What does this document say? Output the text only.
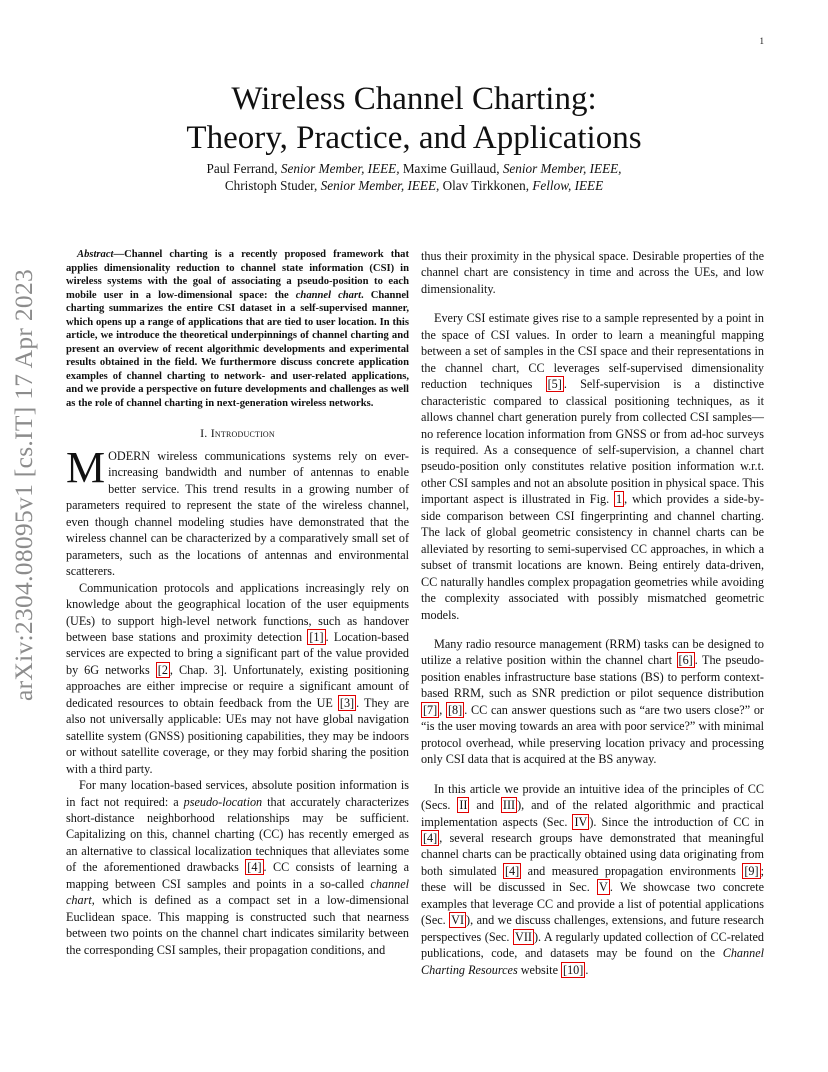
1
arXiv:2304.08095v1 [cs.IT] 17 Apr 2023
Wireless Channel Charting:
Theory, Practice, and Applications
Paul Ferrand, Senior Member, IEEE, Maxime Guillaud, Senior Member, IEEE,
Christoph Studer, Senior Member, IEEE, Olav Tirkkonen, Fellow, IEEE
Abstract—Channel charting is a recently proposed framework that applies dimensionality reduction to channel state information (CSI) in wireless systems with the goal of associating a pseudo-position to each mobile user in a low-dimensional space: the channel chart. Channel charting summarizes the entire CSI dataset in a self-supervised manner, which opens up a range of applications that are tied to user location. In this article, we introduce the theoretical underpinnings of channel charting and present an overview of recent algorithmic developments and experimental results obtained in the field. We furthermore discuss concrete application examples of channel charting to network- and user-related applications, and we provide a perspective on future developments and challenges as well as the role of channel charting in next-generation wireless networks.
I. Introduction

MODERN wireless communications systems rely on ever-increasing bandwidth and number of antennas to enable better service. This trend results in a growing number of parameters required to represent the state of the wireless channel, even though channel modeling studies have demonstrated that the wireless channel can be characterized by a comparatively small set of parameters, such as the locations of antennas and environmental scatterers.

Communication protocols and applications increasingly rely on knowledge about the geographical location of the user equipments (UEs) to support high-level network functions, such as handover between base stations and proximity detection [1] . Location-based services are expected to bring a significant part of the value provided by 6G networks [2 , Chap. 3]. Unfortunately, existing positioning approaches are either imprecise or require a significant amount of dedicated resources to obtain feedback from the UE [3] . They are also not universally applicable: UEs may not have global navigation satellite system (GNSS) positioning capabilities, they may be indoors or without satellite coverage, or they may forbid sharing the position with a third party.

For many location-based services, absolute position information is in fact not required: a pseudo-location that accurately characterizes short-distance neighborhood relationships may be sufficient. Capitalizing on this, channel charting (CC) has recently emerged as an alternative to classical localization techniques that alleviates some of the aforementioned drawbacks [4] . CC consists of learning a mapping between CSI samples and points in a so-called channel chart, which is defined as a compact set in a low-dimensional Euclidean space. This mapping is constructed such that nearness between two points on the channel chart indicates similarity between the corresponding CSI samples, their propagation conditions, and

thus their proximity in the physical space. Desirable properties of the channel chart are consistency in time and across the UEs, and low dimensionality.

Every CSI estimate gives rise to a sample represented by a point in the space of CSI values. In order to learn a meaningful mapping between a set of samples in the CSI space and their representations in the channel chart, CC leverages self-supervised dimensionality reduction techniques [5] . Self-supervision is a distinctive characteristic compared to classical positioning techniques, as it allows channel chart generation purely from collected CSI samples—no reference location information from GNSS or from ad-hoc surveys is required. As a consequence of self-supervision, a channel chart pseudo-position only constitutes relative position information w.r.t. other CSI samples and not an absolute position in physical space. This important aspect is illustrated in Fig. 1 , which provides a side-by-side comparison between CSI fingerprinting and channel charting. The lack of global geometric consistency in channel charts can be alleviated by resorting to semi-supervised CC approaches, in which a subset of transmit locations are known. Being entirely data-driven, CC naturally handles complex propagation geometries while avoiding the complexity associated with possibly mismatched geometric models.

Many radio resource management (RRM) tasks can be designed to utilize a relative position within the channel chart [6] . The pseudo-position enables infrastructure base stations (BS) to perform context-based RRM, such as SNR prediction or pilot sequence distribution [7] , [8] . CC can answer questions such as “are two users close?” or “is the user moving towards an area with poor service?” with minimal protocol overhead, while preserving location privacy and processing only CSI data that is acquired at the BS anyway.

In this article we provide an intuitive idea of the principles of CC (Secs. II and III ), and of the related algorithmic and practical implementation aspects (Sec. IV ). Since the introduction of CC in [4] , several research groups have demonstrated that meaningful channel charts can be practically obtained using data originating from both simulated [4] and measured propagation environments [9] ; these will be discussed in Sec. V . We showcase two concrete examples that leverage CC and provide a list of potential applications (Sec. VI ), and we discuss challenges, extensions, and future research perspectives (Sec. VII ). A regularly updated collection of CC-related publications, code, and datasets may be found on the Channel Charting Resources website [10] .
